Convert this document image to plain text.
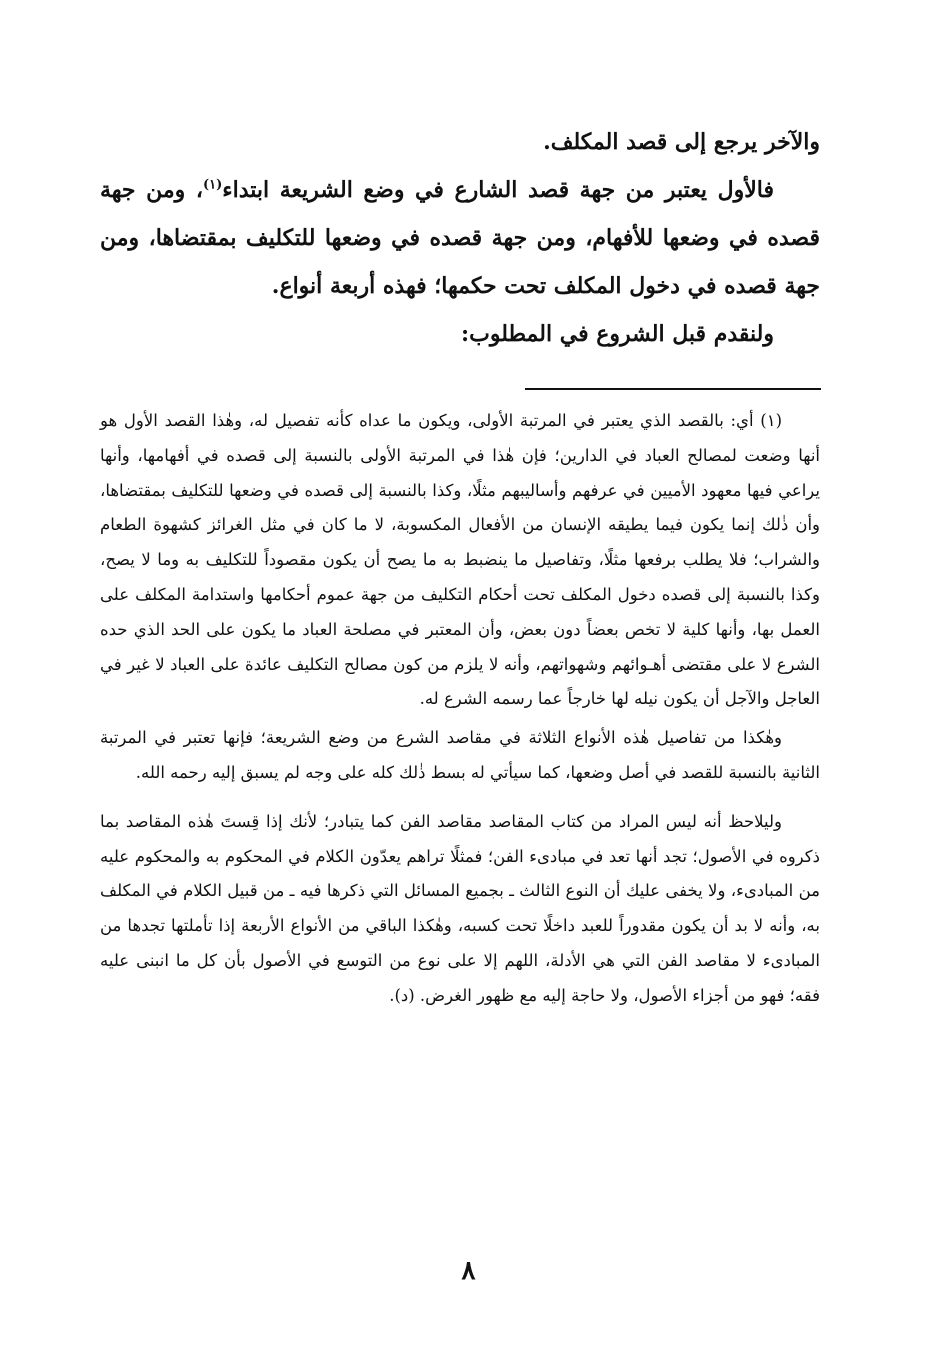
والآخر يرجع إلى قصد المكلف.

فالأول يعتبر من جهة قصد الشارع في وضع الشريعة ابتداء$^{(١)}$، ومن جهة قصده في وضعها للأفهام، ومن جهة قصده في وضعها للتكليف بمقتضاها، ومن جهة قصده في دخول المكلف تحت حكمها؛ فهذه أربعة أنواع.

ولنقدم قبل الشروع في المطلوب:

(١) أي: بالقصد الذي يعتبر في المرتبة الأولى، ويكون ما عداه كأنه تفصيل له، وهٰذا القصد الأول هو أنها وضعت لمصالح العباد في الدارين؛ فإن هٰذا في المرتبة الأولى بالنسبة إلى قصده في أفهامها، وأنها يراعي فيها معهود الأميين في عرفهم وأساليبهم مثلًا، وكذا بالنسبة إلى قصده في وضعها للتكليف بمقتضاها، وأن ذٰلك إنما يكون فيما يطيقه الإنسان من الأفعال المكسوبة، لا ما كان في مثل الغرائز كشهوة الطعام والشراب؛ فلا يطلب برفعها مثلًا، وتفاصيل ما ينضبط به ما يصح أن يكون مقصوداً للتكليف به وما لا يصح، وكذا بالنسبة إلى قصده دخول المكلف تحت أحكام التكليف من جهة عموم أحكامها واستدامة المكلف على العمل بها، وأنها كلية لا تخص بعضاً دون بعض، وأن المعتبر في مصلحة العباد ما يكون على الحد الذي حده الشرع لا على مقتضى أهـوائهم وشهواتهم، وأنه لا يلزم من كون مصالح التكليف عائدة على العباد لا غير في العاجل والآجل أن يكون نيله لها خارجاً عما رسمه الشرع له.

وهٰكذا من تفاصيل هٰذه الأنواع الثلاثة في مقاصد الشرع من وضع الشريعة؛ فإنها تعتبر في المرتبة الثانية بالنسبة للقصد في أصل وضعها، كما سيأتي له بسط ذٰلك كله على وجه لم يسبق إليه رحمه الله.

وليلاحظ أنه ليس المراد من كتاب المقاصد مقاصد الفن كما يتبادر؛ لأنك إذا قِستَ هٰذه المقاصد بما ذكروه في الأصول؛ تجد أنها تعد في مبادىء الفن؛ فمثلًا تراهم يعدّون الكلام في المحكوم به والمحكوم عليه من المبادىء، ولا يخفى عليك أن النوع الثالث ـ بجميع المسائل التي ذكرها فيه ـ من قبيل الكلام في المكلف به، وأنه لا بد أن يكون مقدوراً للعبد داخلًا تحت كسبه، وهٰكذا الباقي من الأنواع الأربعة إذا تأملتها تجدها من المبادىء لا مقاصد الفن التي هي الأدلة، اللهم إلا على نوع من التوسع في الأصول بأن كل ما انبنى عليه فقه؛ فهو من أجزاء الأصول، ولا حاجة إليه مع ظهور الغرض. (د).

٨
